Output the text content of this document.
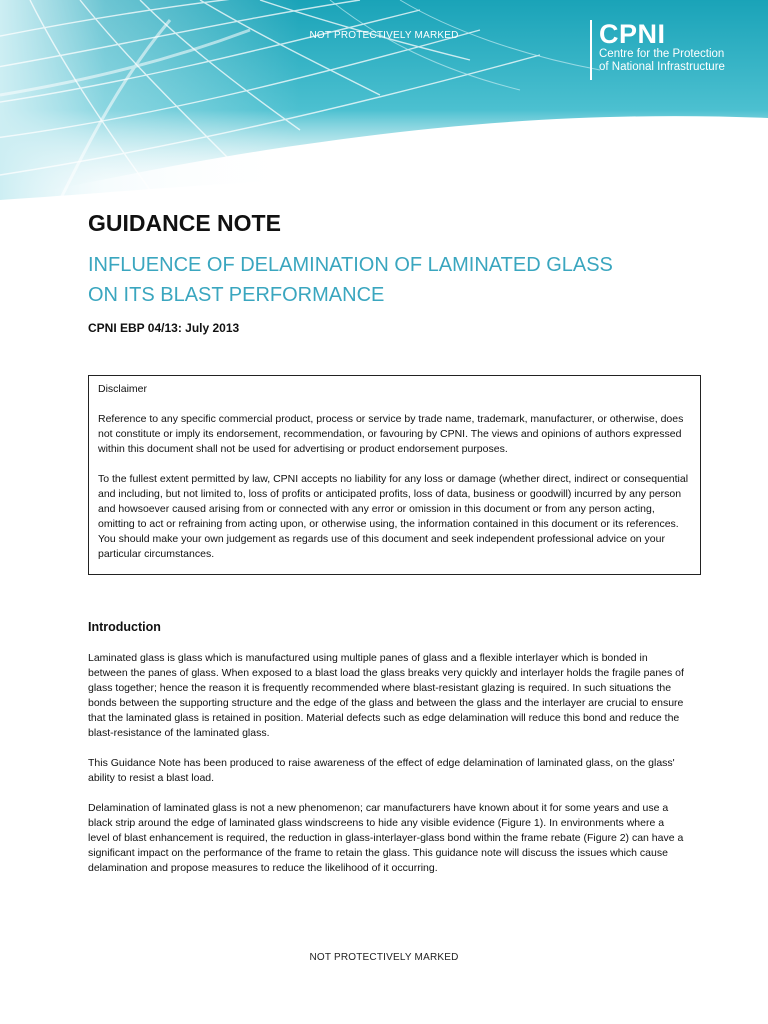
NOT PROTECTIVELY MARKED	CPNI
Centre for the Protection
of National Infrastructure
GUIDANCE NOTE
INFLUENCE OF DELAMINATION OF LAMINATED GLASS
ON ITS BLAST PERFORMANCE
CPNI EBP 04/13: July 2013

Disclaimer

Reference to any specific commercial product, process or service by trade name, trademark, manufacturer, or otherwise, does not constitute or imply its endorsement, recommendation, or favouring by CPNI. The views and opinions of authors expressed within this document shall not be used for advertising or product endorsement purposes.

To the fullest extent permitted by law, CPNI accepts no liability for any loss or damage (whether direct, indirect or consequential and including, but not limited to, loss of profits or anticipated profits, loss of data, business or goodwill) incurred by any person and howsoever caused arising from or connected with any error or omission in this document or from any person acting, omitting to act or refraining from acting upon, or otherwise using, the information contained in this document or its references. You should make your own judgement as regards use of this document and seek independent professional advice on your particular circumstances.

Introduction

Laminated glass is glass which is manufactured using multiple panes of glass and a flexible interlayer which is bonded in between the panes of glass. When exposed to a blast load the glass breaks very quickly and interlayer holds the fragile panes of glass together; hence the reason it is frequently recommended where blast-resistant glazing is required. In such situations the bonds between the supporting structure and the edge of the glass and between the glass and the interlayer are crucial to ensure that the laminated glass is retained in position. Material defects such as edge delamination will reduce this bond and reduce the blast-resistance of the laminated glass.

This Guidance Note has been produced to raise awareness of the effect of edge delamination of laminated glass, on the glass' ability to resist a blast load.

Delamination of laminated glass is not a new phenomenon; car manufacturers have known about it for some years and use a black strip around the edge of laminated glass windscreens to hide any visible evidence (Figure 1). In environments where a level of blast enhancement is required, the reduction in glass-interlayer-glass bond within the frame rebate (Figure 2) can have a significant impact on the performance of the frame to retain the glass. This guidance note will discuss the issues which cause delamination and propose measures to reduce the likelihood of it occurring.

NOT PROTECTIVELY MARKED
